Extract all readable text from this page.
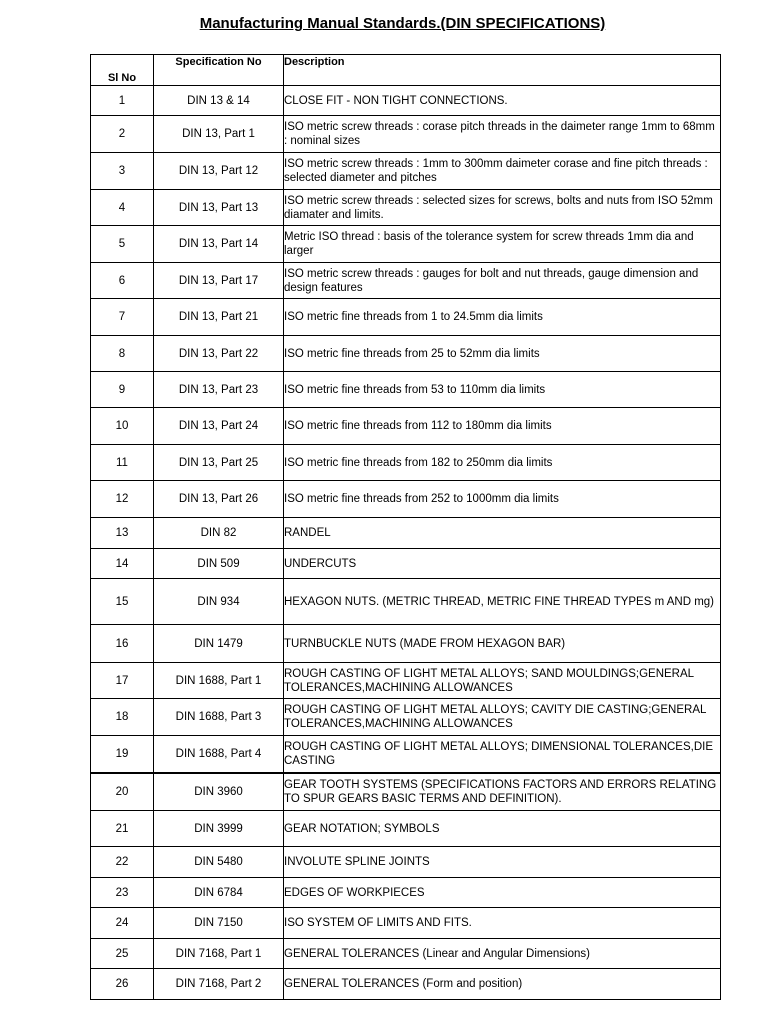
Manufacturing Manual Standards.(DIN SPECIFICATIONS)
Sl No	Specification No	Description
1	DIN 13 & 14	CLOSE FIT - NON TIGHT CONNECTIONS.
2	DIN 13, Part 1	ISO metric screw threads : corase pitch threads in the daimeter range 1mm to 68mm : nominal sizes
3	DIN 13, Part 12	ISO metric screw threads : 1mm to 300mm daimeter corase and fine pitch threads : selected diameter and pitches
4	DIN 13, Part 13	ISO metric screw threads : selected sizes for screws, bolts and nuts from ISO 52mm diamater and limits.
5	DIN 13, Part 14	Metric ISO thread : basis of the tolerance system for screw threads 1mm dia and larger
6	DIN 13, Part 17	ISO metric screw threads : gauges for bolt and nut threads, gauge dimension and design features
7	DIN 13, Part 21	ISO metric fine threads from 1 to 24.5mm dia limits
8	DIN 13, Part 22	ISO metric fine threads from 25 to 52mm dia limits
9	DIN 13, Part 23	ISO metric fine threads from 53 to 110mm dia limits
10	DIN 13, Part 24	ISO metric fine threads from 112 to 180mm dia limits
11	DIN 13, Part 25	ISO metric fine threads from 182 to 250mm dia limits
12	DIN 13, Part 26	ISO metric fine threads from 252 to 1000mm dia limits
13	DIN 82	RANDEL
14	DIN 509	UNDERCUTS
15	DIN 934	HEXAGON NUTS. (METRIC THREAD, METRIC FINE THREAD TYPES m AND mg)
16	DIN 1479	TURNBUCKLE NUTS (MADE FROM HEXAGON BAR)
17	DIN 1688, Part 1	ROUGH CASTING OF LIGHT METAL ALLOYS; SAND MOULDINGS;GENERAL TOLERANCES,MACHINING ALLOWANCES
18	DIN 1688, Part 3	ROUGH CASTING OF LIGHT METAL ALLOYS; CAVITY DIE CASTING;GENERAL TOLERANCES,MACHINING ALLOWANCES
19	DIN 1688, Part 4	ROUGH CASTING OF LIGHT METAL ALLOYS; DIMENSIONAL TOLERANCES,DIE CASTING
20	DIN 3960	GEAR TOOTH SYSTEMS (SPECIFICATIONS FACTORS AND ERRORS RELATING TO SPUR GEARS BASIC TERMS AND DEFINITION).
21	DIN 3999	GEAR NOTATION; SYMBOLS
22	DIN 5480	INVOLUTE SPLINE JOINTS
23	DIN 6784	EDGES OF WORKPIECES
24	DIN 7150	ISO SYSTEM OF LIMITS AND FITS.
25	DIN 7168, Part 1	GENERAL TOLERANCES (Linear and Angular Dimensions)
26	DIN 7168, Part 2	GENERAL TOLERANCES (Form and position)
